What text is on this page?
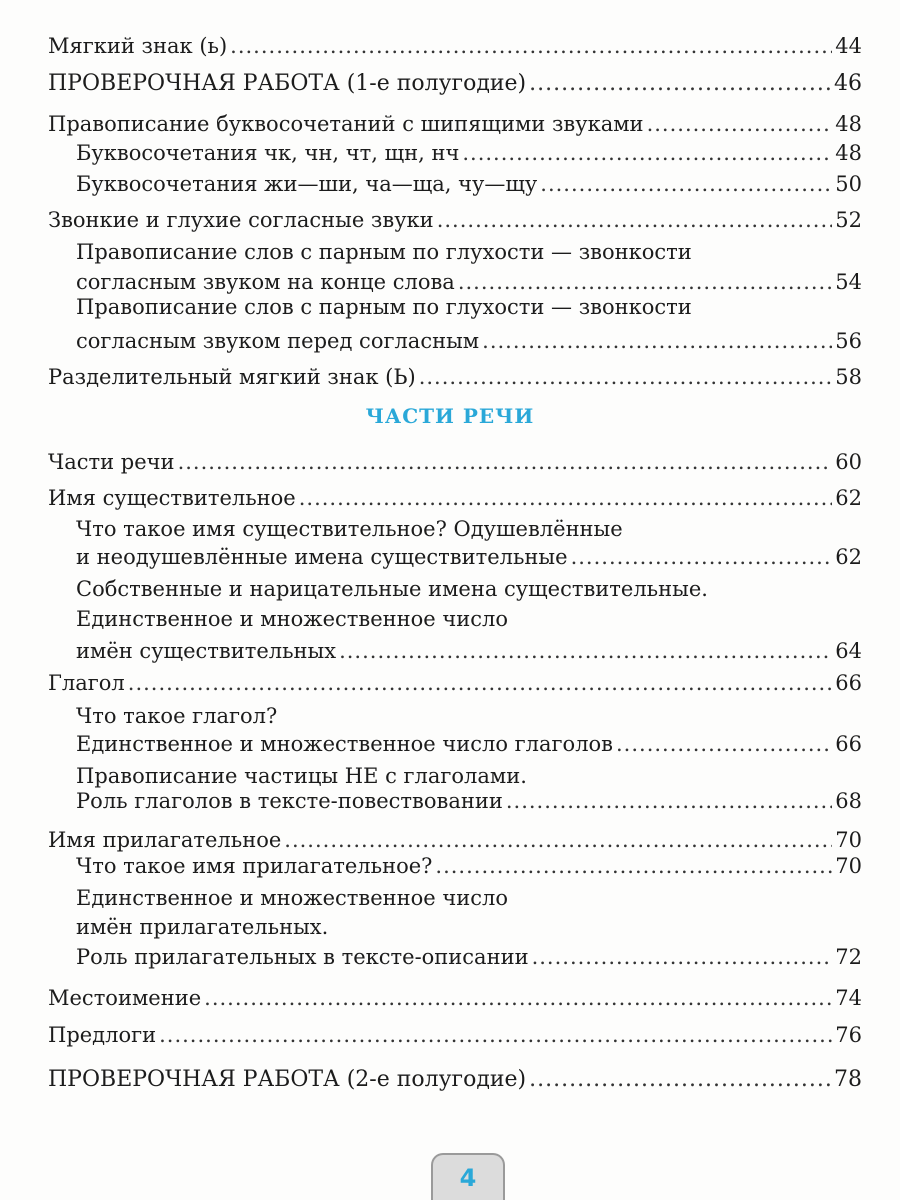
Мягкий знак (ь) .....	44
ПРОВЕРОЧНАЯ РАБОТА (1-е полугодие) .....	46
Правописание буквосочетаний с шипящими звуками .....	48
Буквосочетания чк, чн, чт, щн, нч .....	48
Буквосочетания жи—ши, ча—ща, чу—щу .....	50
Звонкие и глухие согласные звуки .....	52
Правописание слов с парным по глухости — звонкости
согласным звуком на конце слова .....	54
Правописание слов с парным по глухости — звонкости
согласным звуком перед согласным .....	56
Разделительный мягкий знак (Ь) .....	58
ЧАСТИ РЕЧИ
Части речи .....	60
Имя существительное .....	62
Что такое имя существительное? Одушевлённые
и неодушевлённые имена существительные .....	62
Собственные и нарицательные имена существительные.
Единственное и множественное число
имён существительных .....	64
Глагол .....	66
Что такое глагол?
Единственное и множественное число глаголов .....	66
Правописание частицы НЕ с глаголами.
Роль глаголов в тексте-повествовании .....	68
Имя прилагательное .....	70
Что такое имя прилагательное? .....	70
Единственное и множественное число
имён прилагательных.
Роль прилагательных в тексте-описании .....	72
Местоимение .....	74
Предлоги .....	76
ПРОВЕРОЧНАЯ РАБОТА (2-е полугодие) .....	78
4
